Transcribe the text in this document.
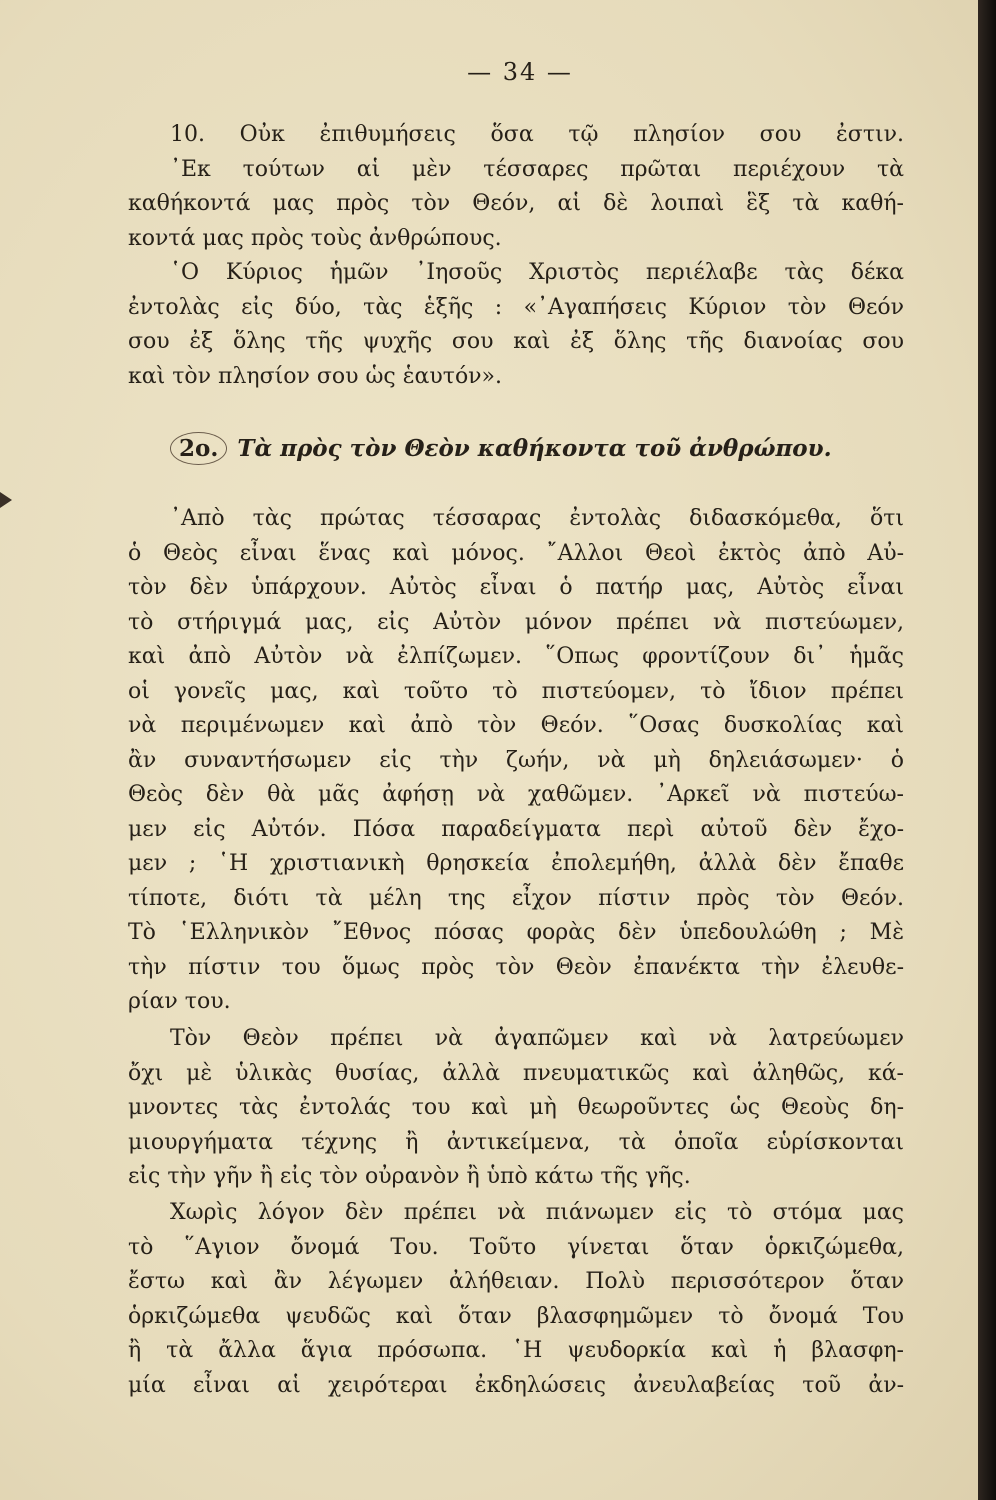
— 34 —
10. Οὐκ ἐπιθυμήσεις ὅσα τῷ πλησίον σου ἐστιν.
᾿Εκ τούτων αἱ μὲν τέσσαρες πρῶται περιέχουν τὰ
καθήκοντά μας πρὸς τὸν Θεόν, αἱ δὲ λοιπαὶ ἓξ τὰ καθή-
κοντά μας πρὸς τοὺς ἀνθρώπους.
῾Ο Κύριος ἡμῶν ᾿Ιησοῦς Χριστὸς περιέλαβε τὰς δέκα
ἐντολὰς εἰς δύο, τὰς ἑξῆς : «᾿Αγαπήσεις Κύριον τὸν Θεόν
σου ἐξ ὅλης τῆς ψυχῆς σου καὶ ἐξ ὅλης τῆς διανοίας σου
καὶ τὸν πλησίον σου ὡς ἑαυτόν».
2ο. Τὰ πρὸς τὸν Θεὸν καθήκοντα τοῦ ἀνθρώπου.
᾿Απὸ τὰς πρώτας τέσσαρας ἐντολὰς διδασκόμεθα, ὅτι
ὁ Θεὸς εἶναι ἕνας καὶ μόνος. ῎Αλλοι Θεοὶ ἐκτὸς ἀπὸ Αὐ-
τὸν δὲν ὑπάρχουν. Αὐτὸς εἶναι ὁ πατήρ μας, Αὐτὸς εἶναι
τὸ στήριγμά μας, εἰς Αὐτὸν μόνον πρέπει νὰ πιστεύωμεν,
καὶ ἀπὸ Αὐτὸν νὰ ἐλπίζωμεν. ῞Οπως φροντίζουν δι᾿ ἡμᾶς
οἱ γονεῖς μας, καὶ τοῦτο τὸ πιστεύομεν, τὸ ἴδιον πρέπει
νὰ περιμένωμεν καὶ ἀπὸ τὸν Θεόν. ῞Οσας δυσκολίας καὶ
ἂν συναντήσωμεν εἰς τὴν ζωήν, νὰ μὴ δηλειάσωμεν· ὁ
Θεὸς δὲν θὰ μᾶς ἀφήσῃ νὰ χαθῶμεν. ᾿Αρκεῖ νὰ πιστεύω-
μεν εἰς Αὐτόν. Πόσα παραδείγματα περὶ αὐτοῦ δὲν ἔχο-
μεν ; ῾Η χριστιανικὴ θρησκεία ἐπολεμήθη, ἀλλὰ δὲν ἔπαθε
τίποτε, διότι τὰ μέλη της εἶχον πίστιν πρὸς τὸν Θεόν.
Τὸ ῾Ελληνικὸν ῎Εθνος πόσας φορὰς δὲν ὑπεδουλώθη ; Μὲ
τὴν πίστιν του ὅμως πρὸς τὸν Θεὸν ἐπανέκτα τὴν ἐλευθε-
ρίαν του.
Τὸν Θεὸν πρέπει νὰ ἀγαπῶμεν καὶ νὰ λατρεύωμεν
ὄχι μὲ ὑλικὰς θυσίας, ἀλλὰ πνευματικῶς καὶ ἀληθῶς, κά-
μνοντες τὰς ἐντολάς του καὶ μὴ θεωροῦντες ὡς Θεοὺς δη-
μιουργήματα τέχνης ἢ ἀντικείμενα, τὰ ὁποῖα εὑρίσκονται
εἰς τὴν γῆν ἢ εἰς τὸν οὐρανὸν ἢ ὑπὸ κάτω τῆς γῆς.
Χωρὶς λόγον δὲν πρέπει νὰ πιάνωμεν εἰς τὸ στόμα μας
τὸ ῞Αγιον ὄνομά Του. Τοῦτο γίνεται ὅταν ὁρκιζώμεθα,
ἔστω καὶ ἂν λέγωμεν ἀλήθειαν. Πολὺ περισσότερον ὅταν
ὁρκιζώμεθα ψευδῶς καὶ ὅταν βλασφημῶμεν τὸ ὄνομά Του
ἢ τὰ ἄλλα ἅγια πρόσωπα. ῾Η ψευδορκία καὶ ἡ βλασφη-
μία εἶναι αἱ χειρότεραι ἐκδηλώσεις ἀνευλαβείας τοῦ ἀν-
